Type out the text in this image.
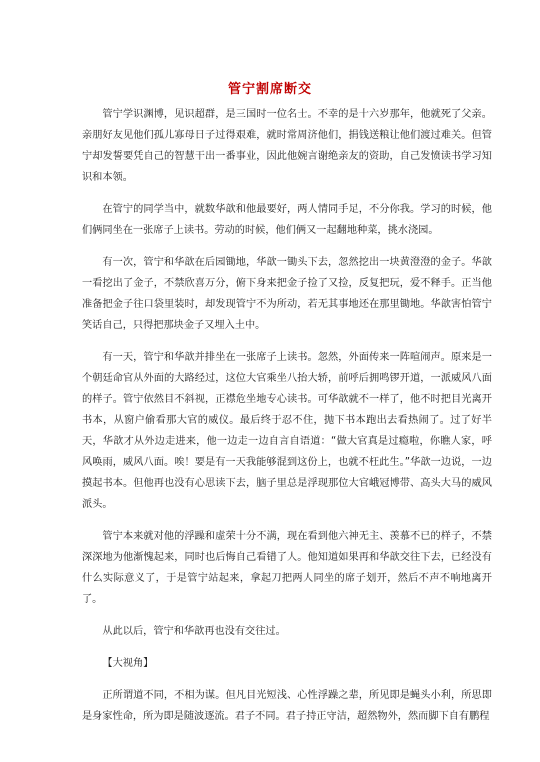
管宁割席断交

管宁学识渊博，见识超群，是三国时一位名士。不幸的是十六岁那年，他就死了父亲。亲朋好友见他们孤儿寡母日子过得艰难，就时常周济他们，捐钱送粮让他们渡过难关。但管宁却发誓要凭自己的智慧干出一番事业，因此他婉言谢绝亲友的资助，自己发愤读书学习知识和本领。

在管宁的同学当中，就数华歆和他最要好，两人情同手足，不分你我。学习的时候，他们俩同坐在一张席子上读书。劳动的时候，他们俩又一起翻地种菜，挑水浇园。

有一次，管宁和华歆在后园锄地，华歆一锄头下去，忽然挖出一块黄澄澄的金子。华歆一看挖出了金子，不禁欣喜万分，俯下身来把金子捡了又捡，反复把玩，爱不释手。正当他准备把金子往口袋里装时，却发现管宁不为所动，若无其事地还在那里锄地。华歆害怕管宁笑话自己，只得把那块金子又埋入土中。

有一天，管宁和华歆并排坐在一张席子上读书。忽然，外面传来一阵喧闹声。原来是一个朝廷命官从外面的大路经过，这位大官乘坐八抬大轿，前呼后拥鸣锣开道，一派威风八面的样子。管宁依然目不斜视，正襟危坐地专心读书。可华歆就不一样了，他不时把目光离开书本，从窗户偷看那大官的威仪。最后终于忍不住，抛下书本跑出去看热闹了。过了好半天，华歆才从外边走进来，他一边走一边自言自语道：“做大官真是过瘾啦，你瞧人家，呼风唤雨，威风八面。唉！要是有一天我能够混到这份上，也就不枉此生。”华歆一边说，一边摸起书本。但他再也没有心思读下去，脑子里总是浮现那位大官峨冠博带、高头大马的威风派头。

管宁本来就对他的浮躁和虚荣十分不满，现在看到他六神无主、羡慕不已的样子，不禁深深地为他渐愧起来，同时也后悔自己看错了人。他知道如果再和华歆交往下去，已经没有什么实际意义了，于是管宁站起来，拿起刀把两人同坐的席子划开，然后不声不响地离开了。

从此以后，管宁和华歆再也没有交往过。

【大视角】

正所谓道不同，不相为谋。但凡目光短浅、心性浮躁之辈，所见即是蝇头小利，所思即是身家性命，所为即是随波逐流。君子不同。君子持正守洁，超然物外，然而脚下自有鹏程
